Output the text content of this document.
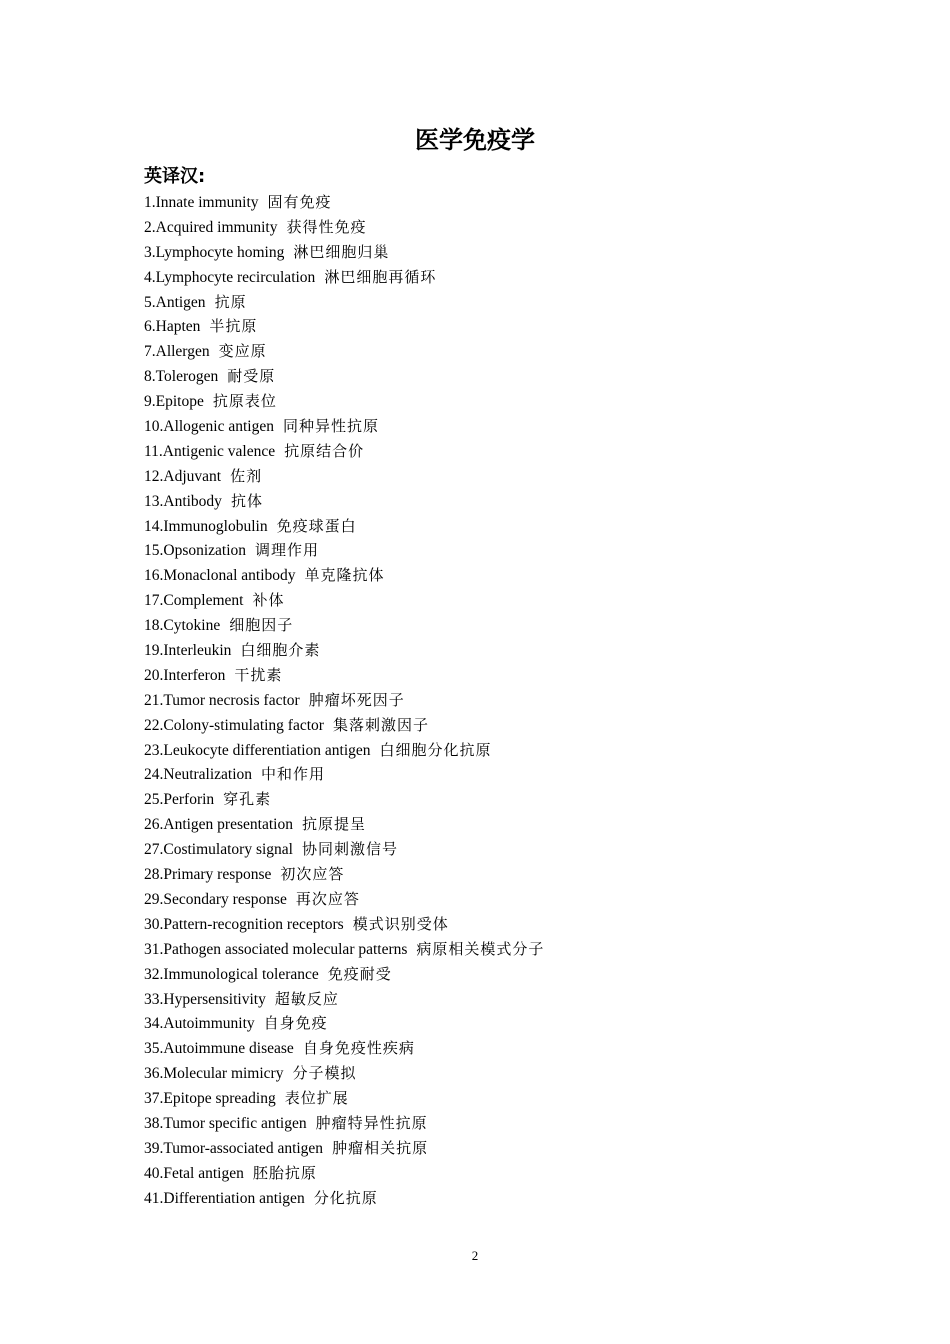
医学免疫学
英译汉:
1.Innate immunity 固有免疫
2.Acquired immunity 获得性免疫
3.Lymphocyte homing 淋巴细胞归巢
4.Lymphocyte recirculation 淋巴细胞再循环
5.Antigen 抗原
6.Hapten 半抗原
7.Allergen 变应原
8.Tolerogen 耐受原
9.Epitope 抗原表位
10.Allogenic antigen 同种异性抗原
11.Antigenic valence 抗原结合价
12.Adjuvant 佐剂
13.Antibody 抗体
14.Immunoglobulin 免疫球蛋白
15.Opsonization 调理作用
16.Monaclonal antibody 单克隆抗体
17.Complement 补体
18.Cytokine 细胞因子
19.Interleukin 白细胞介素
20.Interferon 干扰素
21.Tumor necrosis factor 肿瘤坏死因子
22.Colony-stimulating factor 集落刺激因子
23.Leukocyte differentiation antigen 白细胞分化抗原
24.Neutralization 中和作用
25.Perforin 穿孔素
26.Antigen presentation 抗原提呈
27.Costimulatory signal 协同刺激信号
28.Primary response 初次应答
29.Secondary response 再次应答
30.Pattern-recognition receptors 模式识别受体
31.Pathogen associated molecular patterns 病原相关模式分子
32.Immunological tolerance 免疫耐受
33.Hypersensitivity 超敏反应
34.Autoimmunity 自身免疫
35.Autoimmune disease 自身免疫性疾病
36.Molecular mimicry 分子模拟
37.Epitope spreading 表位扩展
38.Tumor specific antigen 肿瘤特异性抗原
39.Tumor-associated antigen 肿瘤相关抗原
40.Fetal antigen 胚胎抗原
41.Differentiation antigen 分化抗原
2
